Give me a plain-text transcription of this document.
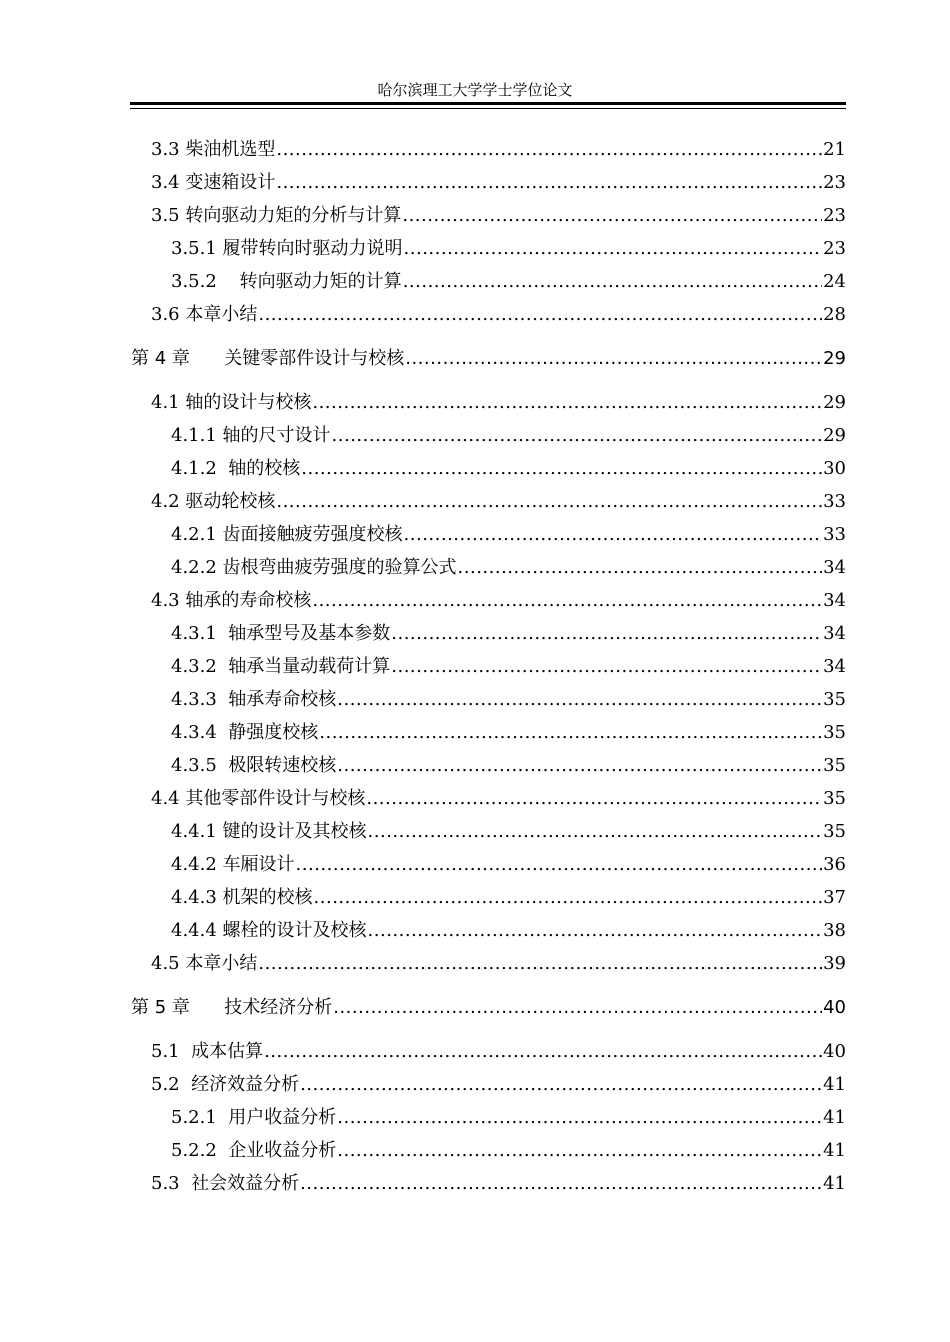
哈尔滨理工大学学士学位论文
3.3 柴油机选型 .....	21
3.4 变速箱设计 .....	23
3.5 转向驱动力矩的分析与计算 .....	23
3.5.1 履带转向时驱动力说明 .....	23
3.5.2    转向驱动力矩的计算 .....	24
3.6 本章小结 .....	28
第 4 章      关键零部件设计与校核 .....	29
4.1 轴的设计与校核 .....	29
4.1.1 轴的尺寸设计 .....	29
4.1.2  轴的校核 .....	30
4.2 驱动轮校核 .....	33
4.2.1 齿面接触疲劳强度校核 .....	33
4.2.2 齿根弯曲疲劳强度的验算公式 .....	34
4.3 轴承的寿命校核 .....	34
4.3.1  轴承型号及基本参数 .....	34
4.3.2  轴承当量动载荷计算 .....	34
4.3.3  轴承寿命校核 .....	35
4.3.4  静强度校核 .....	35
4.3.5  极限转速校核 .....	35
4.4 其他零部件设计与校核 .....	35
4.4.1 键的设计及其校核 .....	35
4.4.2 车厢设计 .....	36
4.4.3 机架的校核 .....	37
4.4.4 螺栓的设计及校核 .....	38
4.5 本章小结 .....	39
第 5 章      技术经济分析 .....	40
5.1  成本估算 .....	40
5.2  经济效益分析 .....	41
5.2.1  用户收益分析 .....	41
5.2.2  企业收益分析 .....	41
5.3  社会效益分析 .....	41
